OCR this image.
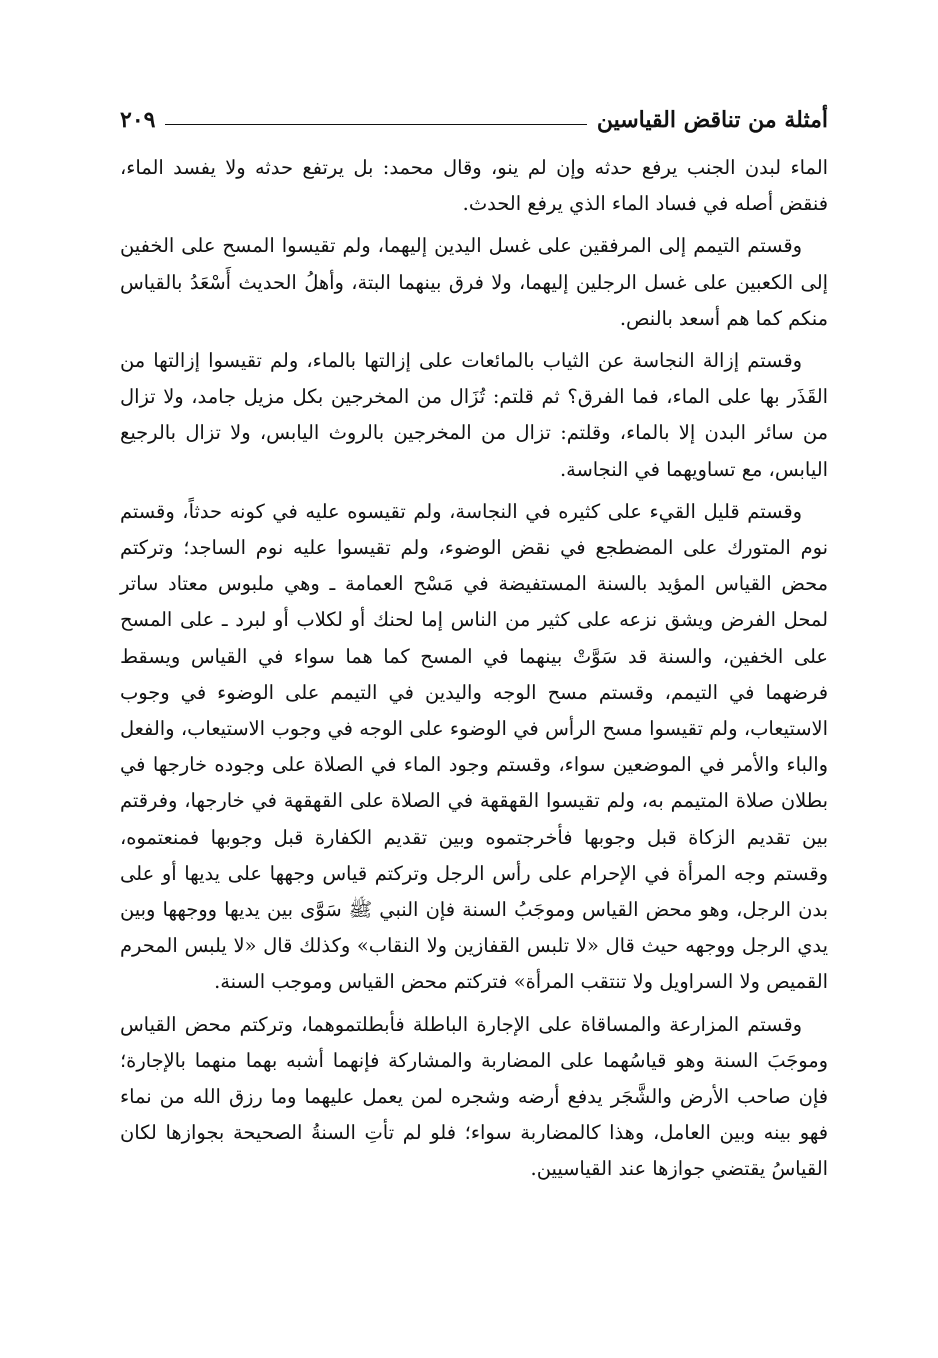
أمثلة من تناقض القياسين
٢٠٩

الماء لبدن الجنب يرفع حدثه وإن لم ينو، وقال محمد: بل يرتفع حدثه ولا يفسد الماء، فنقض أصله في فساد الماء الذي يرفع الحدث.

وقستم التيمم إلى المرفقين على غسل اليدين إليهما، ولم تقيسوا المسح على الخفين إلى الكعبين على غسل الرجلين إليهما، ولا فرق بينهما البتة، وأهلُ الحديث أَسْعَدُ بالقياس منكم كما هم أسعد بالنص.

وقستم إزالة النجاسة عن الثياب بالمائعات على إزالتها بالماء، ولم تقيسوا إزالتها من القَذَر بها على الماء، فما الفرق؟ ثم قلتم: تُزَال من المخرجين بكل مزيل جامد، ولا تزال من سائر البدن إلا بالماء، وقلتم: تزال من المخرجين بالروث اليابس، ولا تزال بالرجيع اليابس، مع تساويهما في النجاسة.

وقستم قليل القيء على كثيره في النجاسة، ولم تقيسوه عليه في كونه حدثاً، وقستم نوم المتورك على المضطجع في نقض الوضوء، ولم تقيسوا عليه نوم الساجد؛ وتركتم محض القياس المؤيد بالسنة المستفيضة في مَسْح العمامة ـ وهي ملبوس معتاد ساتر لمحل الفرض ويشق نزعه على كثير من الناس إما لحنك أو لكلاب أو لبرد ـ على المسح على الخفين، والسنة قد سَوَّتْ بينهما في المسح كما هما سواء في القياس ويسقط فرضهما في التيمم، وقستم مسح الوجه واليدين في التيمم على الوضوء في وجوب الاستيعاب، ولم تقيسوا مسح الرأس في الوضوء على الوجه في وجوب الاستيعاب، والفعل والباء والأمر في الموضعين سواء، وقستم وجود الماء في الصلاة على وجوده خارجها في بطلان صلاة المتيمم به، ولم تقيسوا القهقهة في الصلاة على القهقهة في خارجها، وفرقتم بين تقديم الزكاة قبل وجوبها فأخرجتموه وبين تقديم الكفارة قبل وجوبها فمنعتموه، وقستم وجه المرأة في الإحرام على رأس الرجل وتركتم قياس وجهها على يديها أو على بدن الرجل، وهو محض القياس وموجَبُ السنة فإن النبي ﷺ سَوَّى بين يديها ووجهها وبين يدي الرجل ووجهه حيث قال «لا تلبس القفازين ولا النقاب» وكذلك قال «لا يلبس المحرم القميص ولا السراويل ولا تنتقب المرأة» فتركتم محض القياس وموجب السنة.

وقستم المزارعة والمساقاة على الإجارة الباطلة فأبطلتموهما، وتركتم محض القياس وموجَبَ السنة وهو قياسُهما على المضاربة والمشاركة فإنهما أشبه بهما منهما بالإجارة؛ فإن صاحب الأرض والشَّجَر يدفع أرضه وشجره لمن يعمل عليهما وما رزق الله من نماء فهو بينه وبين العامل، وهذا كالمضاربة سواء؛ فلو لم تأتِ السنةُ الصحيحة بجوازها لكان القياسُ يقتضي جوازها عند القياسيين.
